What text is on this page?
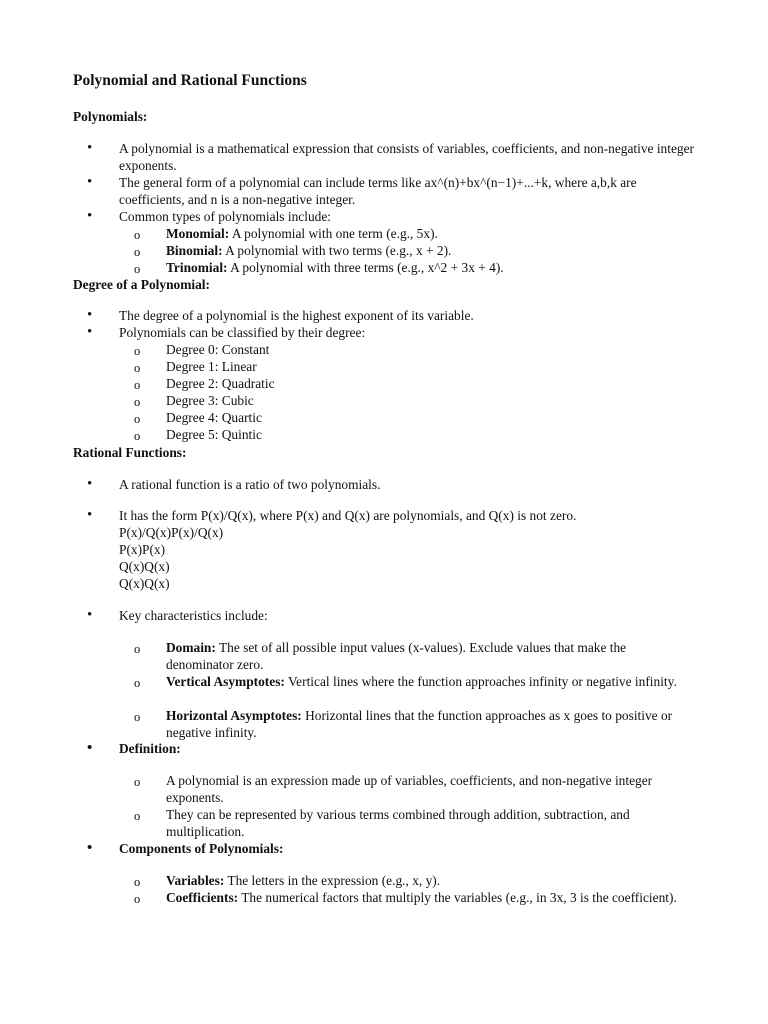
Polynomial and Rational Functions

Polynomials:

• A polynomial is a mathematical expression that consists of variables, coefficients, and non-negative integer exponents.

• The general form of a polynomial can include terms like ax^(n)+bx^(n−1)+...+k, where a,b,k are coefficients, and n is a non-negative integer.

• Common types of polynomials include:

o Monomial: A polynomial with one term (e.g., 5x).

o Binomial: A polynomial with two terms (e.g., x + 2).

o Trinomial: A polynomial with three terms (e.g., x^2 + 3x + 4).

Degree of a Polynomial:

• The degree of a polynomial is the highest exponent of its variable.

• Polynomials can be classified by their degree:

o Degree 0: Constant

o Degree 1: Linear

o Degree 2: Quadratic

o Degree 3: Cubic

o Degree 4: Quartic

o Degree 5: Quintic

Rational Functions:

• A rational function is a ratio of two polynomials.

• It has the form P(x)/Q(x), where P(x) and Q(x) are polynomials, and Q(x) is not zero.

P(x)/Q(x)P(x)/Q(x)

P(x)P(x)

Q(x)Q(x)

Q(x)Q(x)

• Key characteristics include:

o Domain: The set of all possible input values (x-values). Exclude values that make the denominator zero.

o Vertical Asymptotes: Vertical lines where the function approaches infinity or negative infinity.

o Horizontal Asymptotes: Horizontal lines that the function approaches as x goes to positive or negative infinity.

• Definition:

o A polynomial is an expression made up of variables, coefficients, and non-negative integer exponents.

o They can be represented by various terms combined through addition, subtraction, and multiplication.

• Components of Polynomials:

o Variables: The letters in the expression (e.g., x, y).

o Coefficients: The numerical factors that multiply the variables (e.g., in 3x, 3 is the coefficient).
